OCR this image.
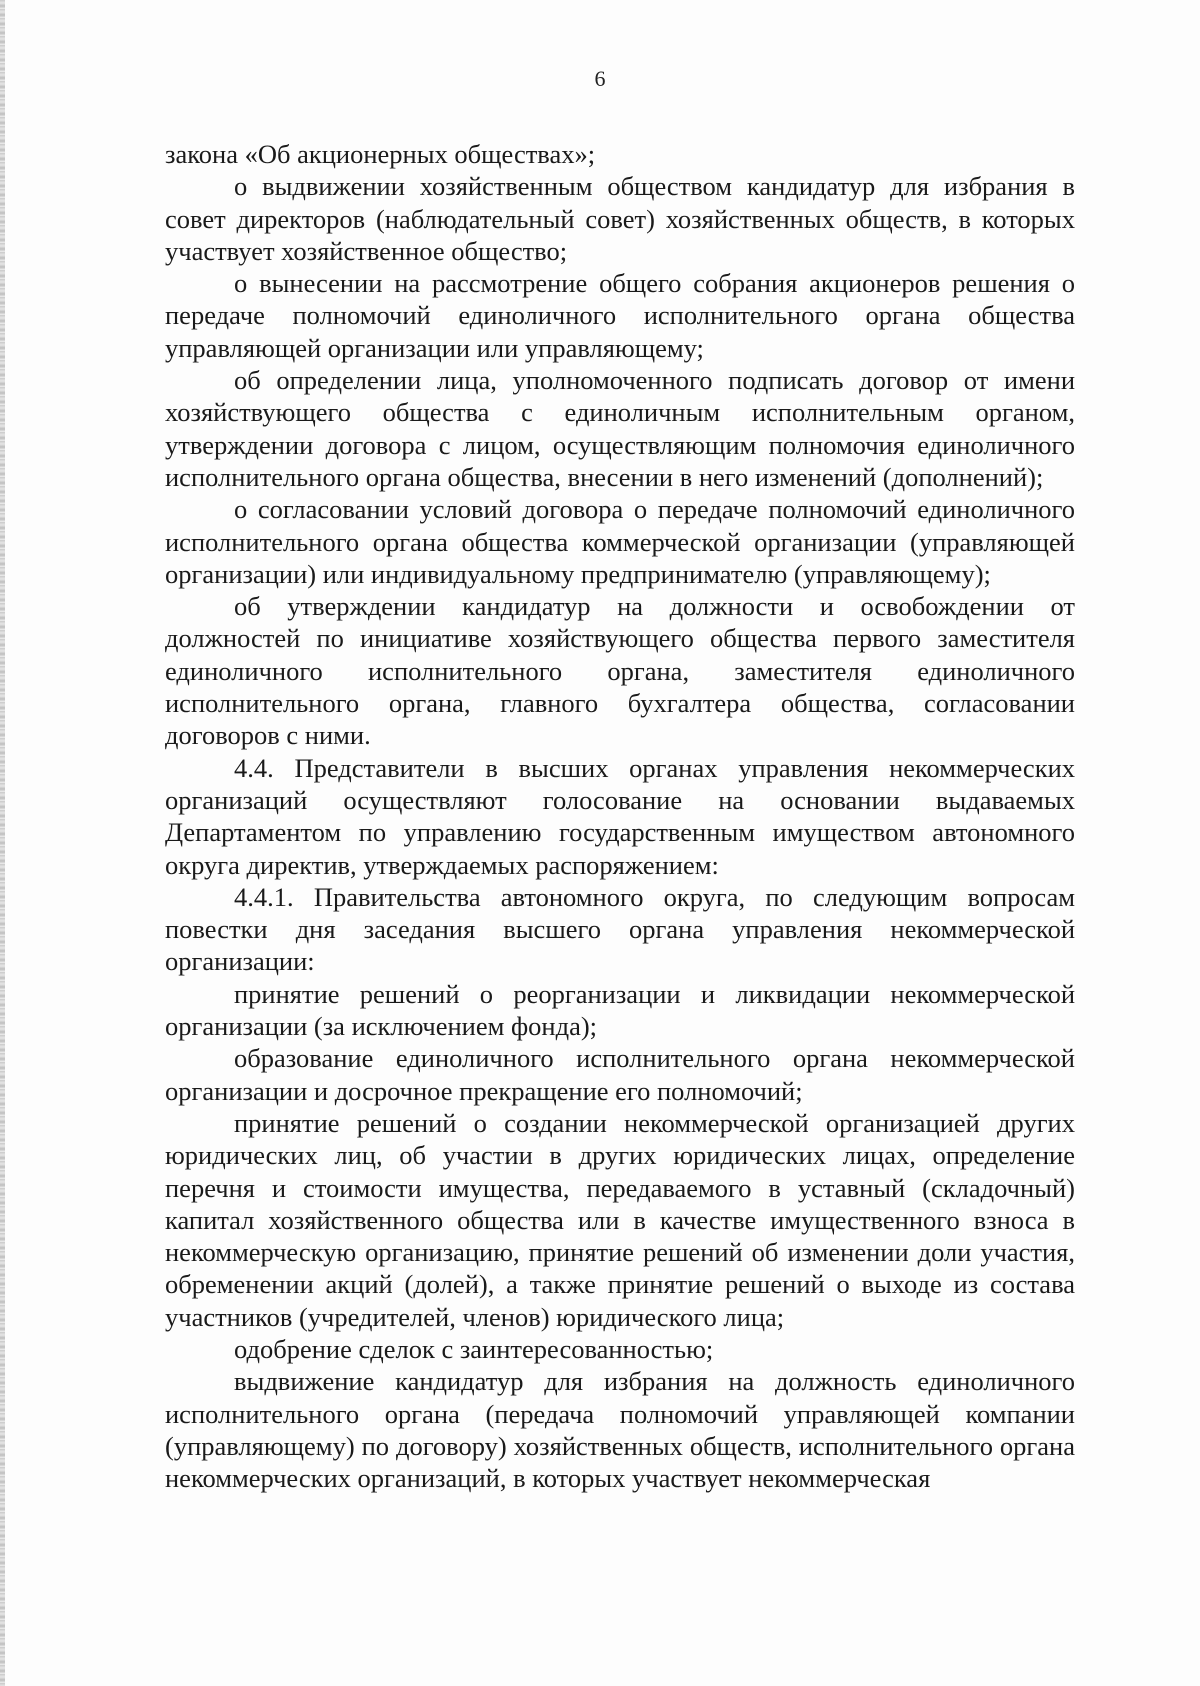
6

закона «Об акционерных обществах»;

о выдвижении хозяйственным обществом кандидатур для избрания в совет директоров (наблюдательный совет) хозяйственных обществ, в которых участвует хозяйственное общество;

о вынесении на рассмотрение общего собрания акционеров решения о передаче полномочий единоличного исполнительного органа общества управляющей организации или управляющему;

об определении лица, уполномоченного подписать договор от имени хозяйствующего общества с единоличным исполнительным органом, утверждении договора с лицом, осуществляющим полномочия единоличного исполнительного органа общества, внесении в него изменений (дополнений);

о согласовании условий договора о передаче полномочий единоличного исполнительного органа общества коммерческой организации (управляющей организации) или индивидуальному предпринимателю (управляющему);

об утверждении кандидатур на должности и освобождении от должностей по инициативе хозяйствующего общества первого заместителя единоличного исполнительного органа, заместителя единоличного исполнительного органа, главного бухгалтера общества, согласовании договоров с ними.

4.4. Представители в высших органах управления некоммерческих организаций осуществляют голосование на основании выдаваемых Департаментом по управлению государственным имуществом автономного округа директив, утверждаемых распоряжением:

4.4.1. Правительства автономного округа, по следующим вопросам повестки дня заседания высшего органа управления некоммерческой организации:

принятие решений о реорганизации и ликвидации некоммерческой организации (за исключением фонда);

образование единоличного исполнительного органа некоммерческой организации и досрочное прекращение его полномочий;

принятие решений о создании некоммерческой организацией других юридических лиц, об участии в других юридических лицах, определение перечня и стоимости имущества, передаваемого в уставный (складочный) капитал хозяйственного общества или в качестве имущественного взноса в некоммерческую организацию, принятие решений об изменении доли участия, обременении акций (долей), а также принятие решений о выходе из состава участников (учредителей, членов) юридического лица;

одобрение сделок с заинтересованностью;

выдвижение кандидатур для избрания на должность единоличного исполнительного органа (передача полномочий управляющей компании (управляющему) по договору) хозяйственных обществ, исполнительного органа некоммерческих организаций, в которых участвует некоммерческая
